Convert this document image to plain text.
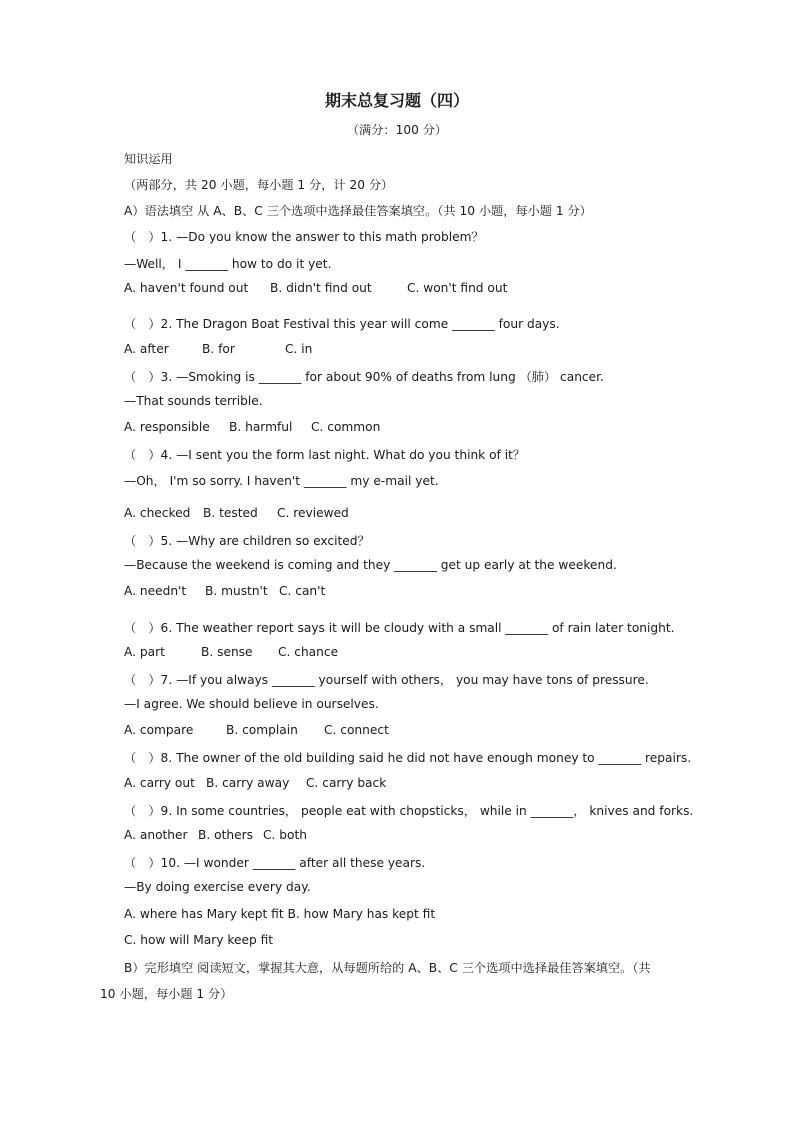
期末总复习题（四）
（满分：100 分）
知识运用
（两部分，共 20 小题，每小题 1 分，计 20 分）
A）语法填空 从 A、B、C 三个选项中选择最佳答案填空。（共 10 小题，每小题 1 分）
（　）1. —Do you know the answer to this math problem？
—Well， I _______ how to do it yet.
A. haven't found out B. didn't find out	C. won't find out
（　）2. The Dragon Boat Festival this year will come _______ four days.
A. after	B. for	C. in
（　）3. —Smoking is _______ for about 90% of deaths from lung （肺） cancer.
—That sounds terrible.
A. responsible B. harmful C. common
（　）4. —I sent you the form last night. What do you think of it？
—Oh， I'm so sorry. I haven't _______ my e-mail yet.
A. checked B. tested C. reviewed
（　）5. —Why are children so excited？
—Because the weekend is coming and they _______ get up early at the weekend.
A. needn't B. mustn't C. can't
（　）6. The weather report says it will be cloudy with a small _______ of rain later tonight.
A. part	B. sense C. chance
（　）7. —If you always _______ yourself with others， you may have tons of pressure.
—I agree. We should believe in ourselves.
A. compare	B. complain C. connect
（　）8. The owner of the old building said he did not have enough money to _______ repairs.
A. carry out B. carry away C. carry back
（　）9. In some countries， people eat with chopsticks， while in _______， knives and forks.
A. another B. others C. both
（　）10. —I wonder _______ after all these years.
—By doing exercise every day.
A. where has Mary kept fit B. how Mary has kept fit
C. how will Mary keep fit
B）完形填空 阅读短文，掌握其大意，从每题所给的 A、B、C 三个选项中选择最佳答案填空。（共
10 小题，每小题 1 分）
